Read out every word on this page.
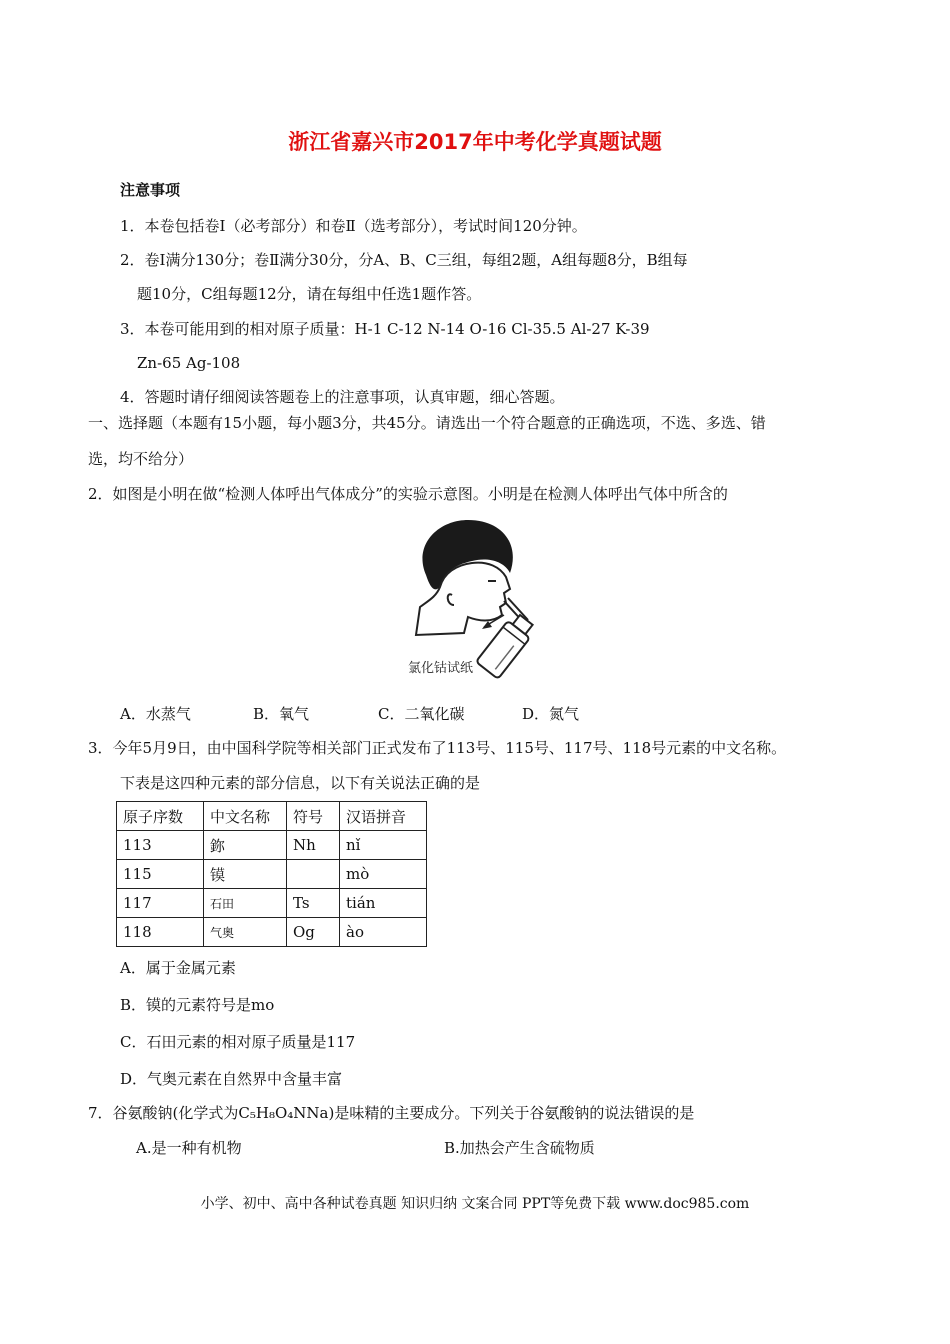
浙江省嘉兴市2017年中考化学真题试题
注意事项
1．本卷包括卷Ⅰ（必考部分）和卷Ⅱ（选考部分），考试时间120分钟。
2．卷Ⅰ满分130分；卷Ⅱ满分30分，分A、B、C三组，每组2题，A组每题8分，B组每
题10分，C组每题12分，请在每组中任选1题作答。
3．本卷可能用到的相对原子质量：H-1 C-12 N-14 O-16 Cl-35.5 Al-27 K-39
Zn-65 Ag-108
4．答题时请仔细阅读答题卷上的注意事项，认真审题，细心答题。
一、选择题（本题有15小题，每小题3分，共45分。请选出一个符合题意的正确选项，不选、多选、错
选，均不给分）
2．如图是小明在做“检测人体呼出气体成分”的实验示意图。小明是在检测人体呼出气体中所含的
氯化钴试纸
A．水蒸气	B．氧气	C．二氧化碳	D．氮气
3．今年5月9日，由中国科学院等相关部门正式发布了113号、115号、117号、118号元素的中文名称。
下表是这四种元素的部分信息，以下有关说法正确的是
原子序数	中文名称	符号	汉语拼音
113	鉨	Nh	nǐ
115	镆		mò
117	石田	Ts	tián
118	气奥	Og	ào
A．属于金属元素
B．镆的元素符号是mo
C．石田元素的相对原子质量是117
D．气奥元素在自然界中含量丰富
7．谷氨酸钠(化学式为C₅H₈O₄NNa)是味精的主要成分。下列关于谷氨酸钠的说法错误的是
A.是一种有机物	B.加热会产生含硫物质
小学、初中、高中各种试卷真题 知识归纳 文案合同 PPT等免费下载 www.doc985.com
